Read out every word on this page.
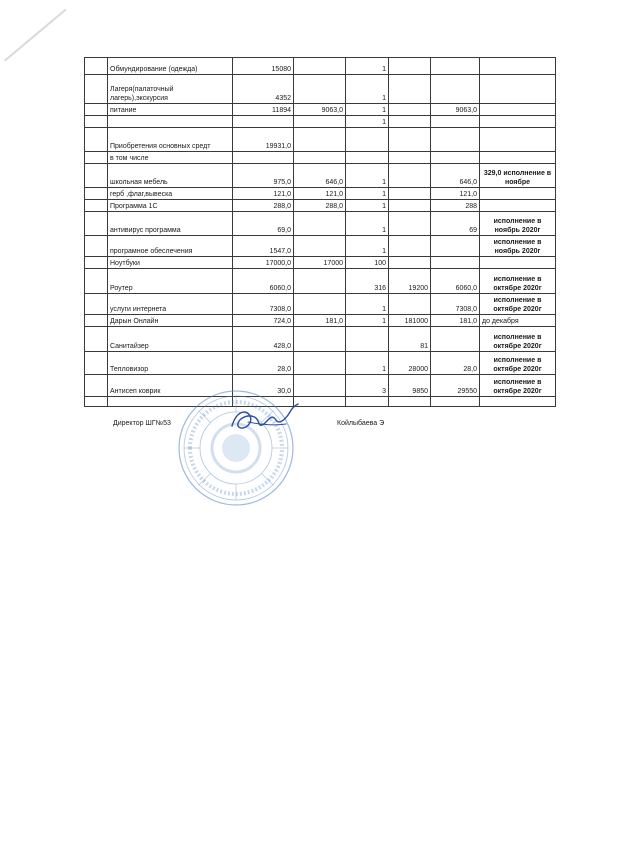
	Обмундирование (одежда)	15080		1			
	Лагеря(палаточный лагерь),экскурсия	4352		1			
	питание	11894	9063,0	1		9063,0	
				1			
	Приобретения основных средт	19931,0					
	в том числе						
	школьная мебель	975,0	646,0	1		646,0	329,0 исполнение в ноябре
	герб ,флаг,вывеска	121,0	121,0	1		121,0	
	Программа 1С	288,0	288,0	1		288	
	антивирус программа	69,0		1		69	исполнение в ноябрь 2020г
	програмное обеслечения	1547,0		1			исполнение в ноябрь 2020г
	Ноутбуки	17000,0	17000	100			
	Роутер	6060,0		316	19200	6060,0	исполнение в октябре 2020г
	услуги интернета	7308,0		1		7308,0	исполнение в октябре 2020г
	Дарын Онлайн	724,0	181,0	1	181000	181,0	до декабря
	Санитайзер	428,0			81		исполнение в октябре 2020г
	Тепловизор	28,0		1	28000	28,0	исполнение в октябре 2020г
	Антисеп коврик	30,0		3	9850	29550	исполнение в октябре 2020г

Директор ШГ№53	Койлыбаева Э
